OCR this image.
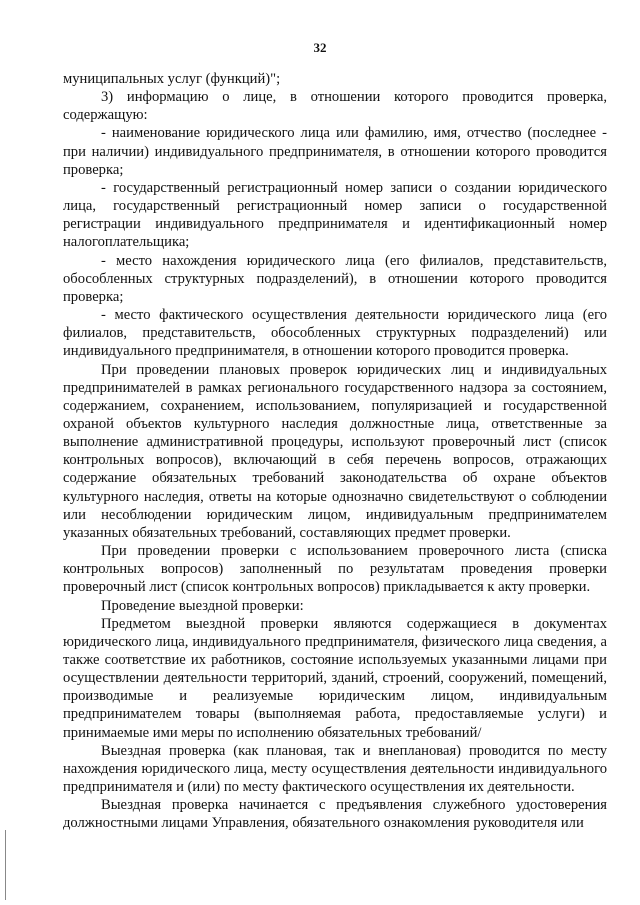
32

муниципальных услуг (функций)";

3) информацию о лице, в отношении которого проводится проверка, содержащую:

- наименование юридического лица или фамилию, имя, отчество (последнее - при наличии) индивидуального предпринимателя, в отношении которого проводится проверка;

- государственный регистрационный номер записи о создании юридического лица, государственный регистрационный номер записи о государственной регистрации индивидуального предпринимателя и идентификационный номер налогоплательщика;

- место нахождения юридического лица (его филиалов, представительств, обособленных структурных подразделений), в отношении которого проводится проверка;

- место фактического осуществления деятельности юридического лица (его филиалов, представительств, обособленных структурных подразделений) или индивидуального предпринимателя, в отношении которого проводится проверка.

При проведении плановых проверок юридических лиц и индивидуальных предпринимателей в рамках регионального государственного надзора за состоянием, содержанием, сохранением, использованием, популяризацией и государственной охраной объектов культурного наследия должностные лица, ответственные за выполнение административной процедуры, используют проверочный лист (список контрольных вопросов), включающий в себя перечень вопросов, отражающих содержание обязательных требований законодательства об охране объектов культурного наследия, ответы на которые однозначно свидетельствуют о соблюдении или несоблюдении юридическим лицом, индивидуальным предпринимателем указанных обязательных требований, составляющих предмет проверки.

При проведении проверки с использованием проверочного листа (списка контрольных вопросов) заполненный по результатам проведения проверки проверочный лист (список контрольных вопросов) прикладывается к акту проверки.

Проведение выездной проверки:

Предметом выездной проверки являются содержащиеся в документах юридического лица, индивидуального предпринимателя, физического лица сведения, а также соответствие их работников, состояние используемых указанными лицами при осуществлении деятельности территорий, зданий, строений, сооружений, помещений, производимые и реализуемые юридическим лицом, индивидуальным предпринимателем товары (выполняемая работа, предоставляемые услуги) и принимаемые ими меры по исполнению обязательных требований/

Выездная проверка (как плановая, так и внеплановая) проводится по месту нахождения юридического лица, месту осуществления деятельности индивидуального предпринимателя и (или) по месту фактического осуществления их деятельности.

Выездная проверка начинается с предъявления служебного удостоверения должностными лицами Управления, обязательного ознакомления руководителя или
